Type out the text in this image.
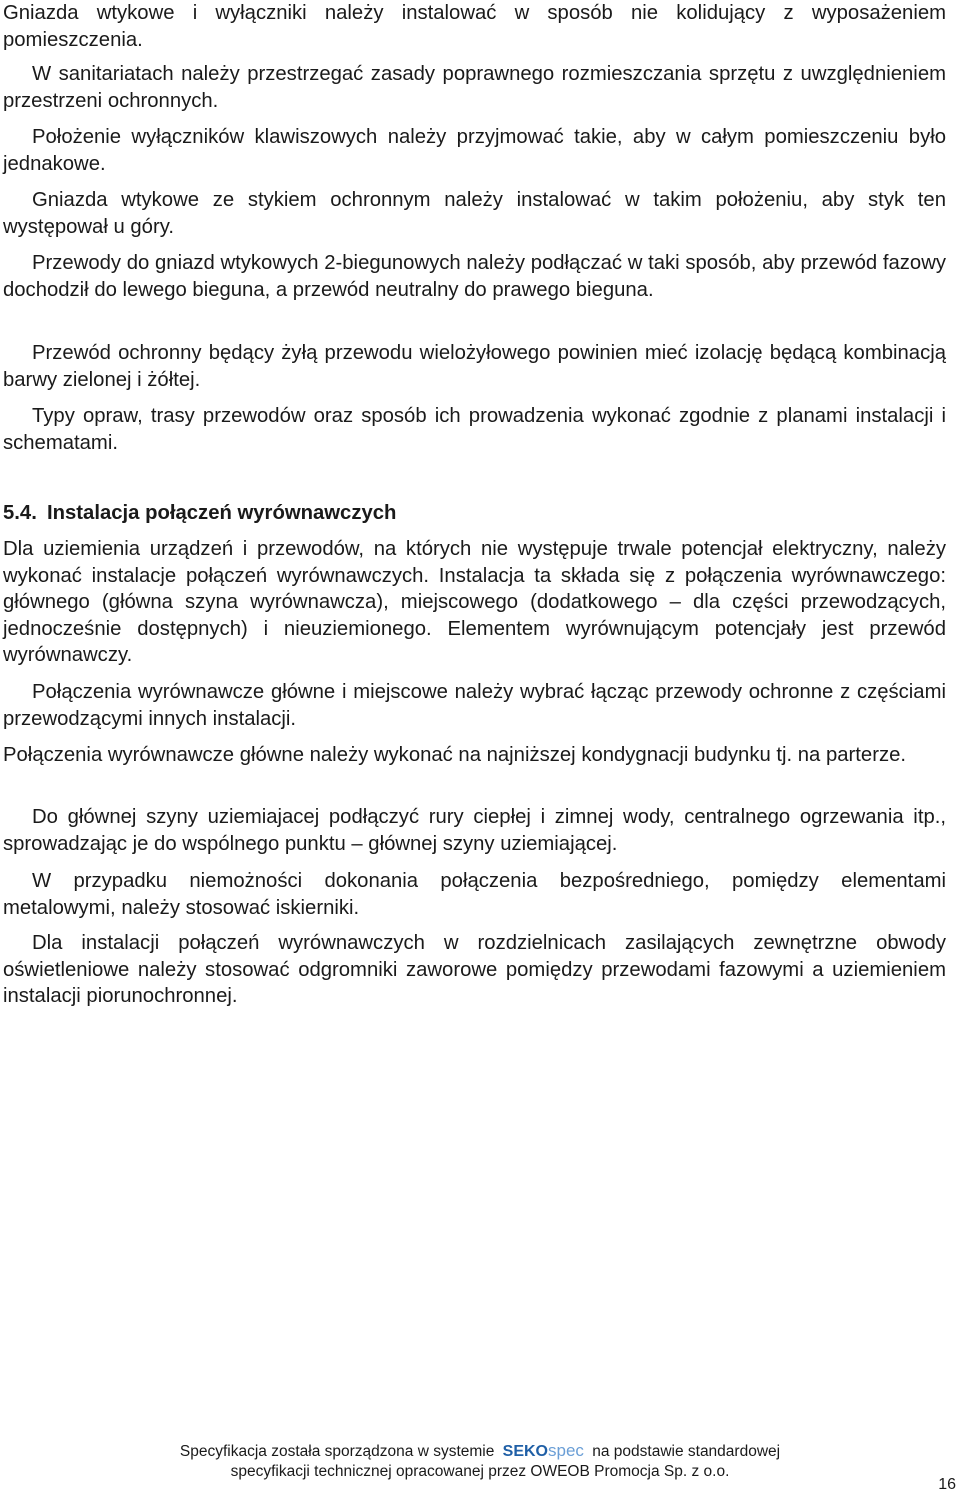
Gniazda wtykowe i wyłączniki należy instalować w sposób nie kolidujący z wyposażeniem pomieszczenia.

W sanitariatach należy przestrzegać zasady poprawnego rozmieszczania sprzętu z uwzględnieniem przestrzeni ochronnych.

Położenie wyłączników klawiszowych należy przyjmować takie, aby w całym pomieszczeniu było jednakowe.

Gniazda wtykowe ze stykiem ochronnym należy instalować w takim położeniu, aby styk ten występował u góry.

Przewody do gniazd wtykowych 2-biegunowych należy podłączać w taki sposób, aby przewód fazowy dochodził do lewego bieguna, a przewód neutralny do prawego bieguna.

Przewód ochronny będący żyłą przewodu wielożyłowego powinien mieć izolację będącą kombinacją barwy zielonej i żółtej.

Typy opraw, trasy przewodów oraz sposób ich prowadzenia wykonać zgodnie z planami instalacji i schematami.

5.4. Instalacja połączeń wyrównawczych

Dla uziemienia urządzeń i przewodów, na których nie występuje trwale potencjał elektryczny, należy wykonać instalacje połączeń wyrównawczych. Instalacja ta składa się z połączenia wyrównawczego: głównego (główna szyna wyrównawcza), miejscowego (dodatkowego – dla części przewodzących, jednocześnie dostępnych) i nieuziemionego. Elementem wyrównującym potencjały jest przewód wyrównawczy.

Połączenia wyrównawcze główne i miejscowe należy wybrać łącząc przewody ochronne z częściami przewodzącymi innych instalacji.

Połączenia wyrównawcze główne należy wykonać na najniższej kondygnacji budynku tj. na parterze.

Do głównej szyny uziemiajacej podłączyć rury ciepłej i zimnej wody, centralnego ogrzewania itp., sprowadzając je do wspólnego punktu – głównej szyny uziemiającej.

W przypadku niemożności dokonania połączenia bezpośredniego, pomiędzy elementami metalowymi, należy stosować iskierniki.

Dla instalacji połączeń wyrównawczych w rozdzielnicach zasilających zewnętrzne obwody oświetleniowe należy stosować odgromniki zaworowe pomiędzy przewodami fazowymi a uziemieniem instalacji piorunochronnej.

Specyfikacja została sporządzona w systemie SEKOspec na podstawie standardowej
specyfikacji technicznej opracowanej przez OWEOB Promocja Sp. z o.o.
16
